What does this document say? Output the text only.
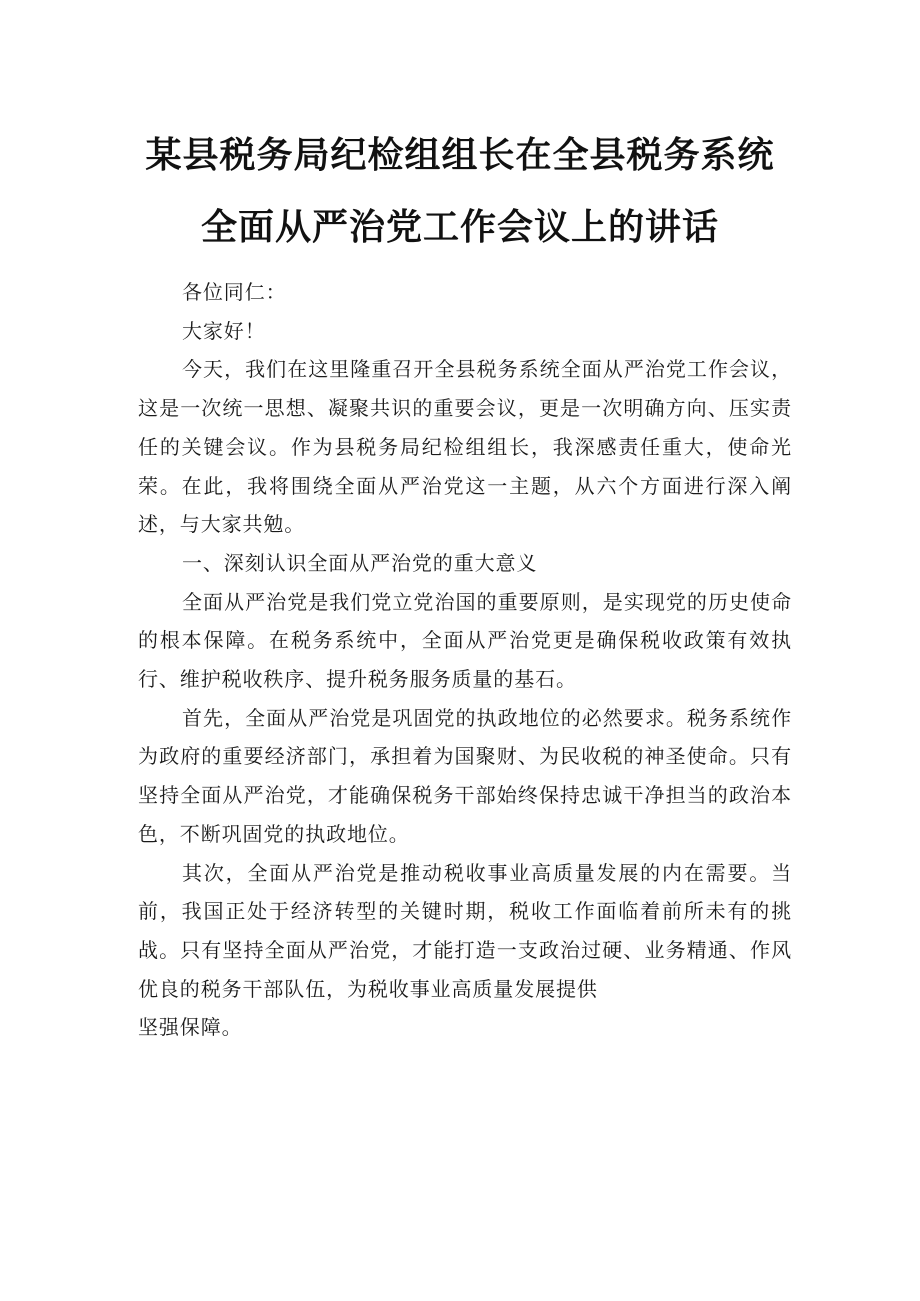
某县税务局纪检组组长在全县税务系统
全面从严治党工作会议上的讲话

各位同仁：

大家好！

今天，我们在这里隆重召开全县税务系统全面从严治党工作会议，这是一次统一思想、凝聚共识的重要会议，更是一次明确方向、压实责任的关键会议。作为县税务局纪检组组长，我深感责任重大，使命光荣。在此，我将围绕全面从严治党这一主题，从六个方面进行深入阐述，与大家共勉。

一、深刻认识全面从严治党的重大意义

全面从严治党是我们党立党治国的重要原则，是实现党的历史使命的根本保障。在税务系统中，全面从严治党更是确保税收政策有效执行、维护税收秩序、提升税务服务质量的基石。

首先，全面从严治党是巩固党的执政地位的必然要求。税务系统作为政府的重要经济部门，承担着为国聚财、为民收税的神圣使命。只有坚持全面从严治党，才能确保税务干部始终保持忠诚干净担当的政治本色，不断巩固党的执政地位。

其次，全面从严治党是推动税收事业高质量发展的内在需要。当前，我国正处于经济转型的关键时期，税收工作面临着前所未有的挑战。只有坚持全面从严治党，才能打造一支政治过硬、业务精通、作风优良的税务干部队伍，为税收事业高质量发展提供

坚强保障。
